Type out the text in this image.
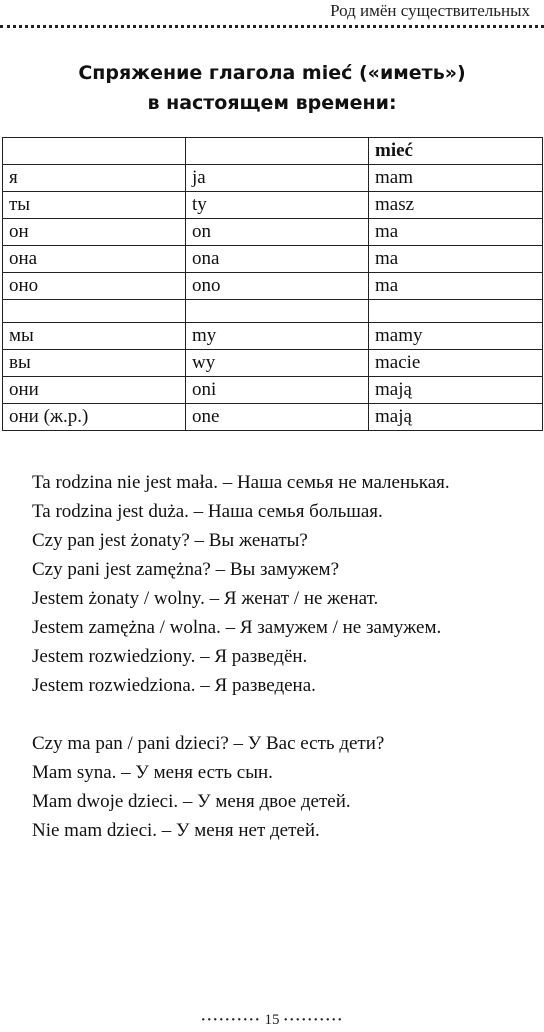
Род имён существительных
Спряжение глагола mieć («иметь»)
в настоящем времени:
		mieć
я	ja	mam
ты	ty	masz
он	on	ma
она	ona	ma
оно	ono	ma

мы	my	mamy
вы	wy	macie
они	oni	mają
они (ж.р.)	one	mają

Ta rodzina nie jest mała. – Наша семья не маленькая.

Ta rodzina jest duża. – Наша семья большая.

Czy pan jest żonaty? – Вы женаты?

Czy pani jest zamężna? – Вы замужем?

Jestem żonaty / wolny. – Я женат / не женат.

Jestem zamężna / wolna. – Я замужем / не замужем.

Jestem rozwiedziony. – Я разведён.

Jestem rozwiedziona. – Я разведена.

Czy ma pan / pani dzieci? – У Вас есть дети?

Mam syna. – У меня есть сын.

Mam dwoje dzieci. – У меня двое детей.

Nie mam dzieci. – У меня нет детей.

·········· 15 ··········
